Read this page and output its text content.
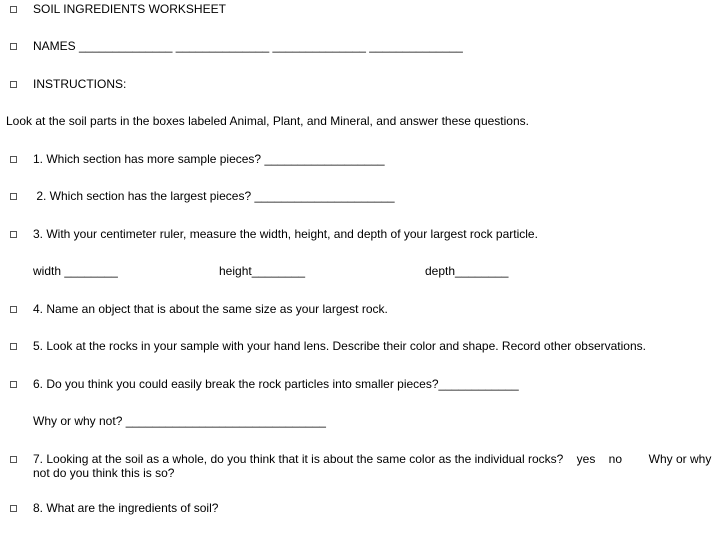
SOIL INGREDIENTS WORKSHEET
NAMES ______________ ______________ ______________ ______________
INSTRUCTIONS:
Look at the soil parts in the boxes labeled Animal, Plant, and Mineral, and answer these questions.
1. Which section has more sample pieces? __________________
2. Which section has the largest pieces? _____________________
3. With your centimeter ruler, measure the width, height, and depth of your largest rock particle.
width ________	height________	depth________
4. Name an object that is about the same size as your largest rock.
5. Look at the rocks in your sample with your hand lens. Describe their color and shape. Record other observations.
6. Do you think you could easily break the rock particles into smaller pieces?____________
Why or why not? ______________________________
7. Looking at the soil as a whole, do you think that it is about the same color as the individual rocks?    yes    no        Why or why not do you think this is so?
8. What are the ingredients of soil?
